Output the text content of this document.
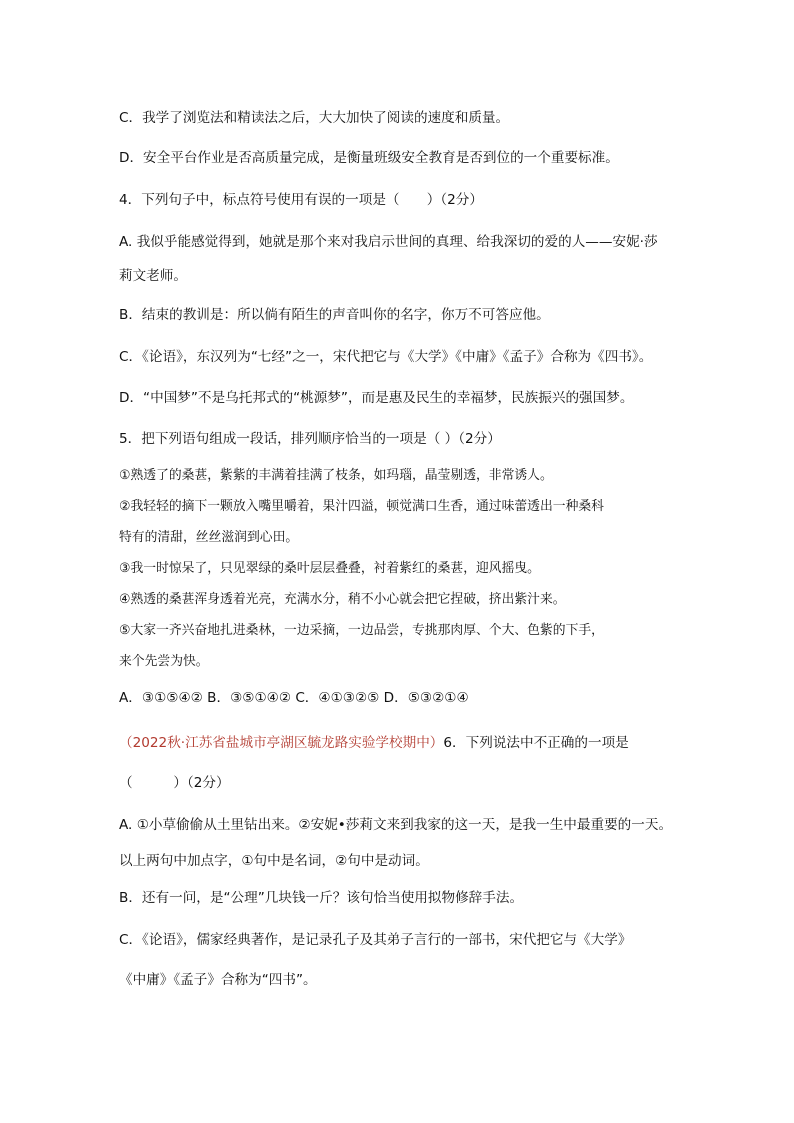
C．我学了浏览法和精读法之后，大大加快了阅读的速度和质量。
D．安全平台作业是否高质量完成，是衡量班级安全教育是否到位的一个重要标准。
4．下列句子中，标点符号使用有误的一项是（　　）（2分）
A. 我似乎能感觉得到，她就是那个来对我启示世间的真理、给我深切的爱的人——安妮·莎
莉文老师。
B．结束的教训是：所以倘有陌生的声音叫你的名字，你万不可答应他。
C．《论语》，东汉列为“七经”之一，宋代把它与《大学》《中庸》《孟子》合称为《四书》。
D．“中国梦”不是乌托邦式的“桃源梦”，而是惠及民生的幸福梦，民族振兴的强国梦。
5．把下列语句组成一段话，排列顺序恰当的一项是（ ）（2分）
①熟透了的桑葚，紫紫的丰满着挂满了枝条，如玛瑙，晶莹剔透，非常诱人。
②我轻轻的摘下一颗放入嘴里嚼着，果汁四溢，顿觉满口生香，通过味蕾透出一种桑科
特有的清甜，丝丝滋润到心田。
③我一时惊呆了，只见翠绿的桑叶层层叠叠，衬着紫红的桑葚，迎风摇曳。
④熟透的桑葚浑身透着光亮，充满水分，稍不小心就会把它捏破，挤出紫汁来。
⑤大家一齐兴奋地扎进桑林，一边采摘，一边品尝，专挑那肉厚、个大、色紫的下手，
来个先尝为快。
A．③①⑤④② B．③⑤①④② C．④①③②⑤ D．⑤③②①④
（2022秋·江苏省盐城市亭湖区毓龙路实验学校期中）6．下列说法中不正确的一项是
（　　　）（2分）
A. ①小草偷偷从土里钻出来。②安妮•莎莉文来到我家的这一天，是我一生中最重要的一天。
以上两句中加点字，①句中是名词，②句中是动词。
B．还有一问，是“公理”几块钱一斤？该句恰当使用拟物修辞手法。
C．《论语》，儒家经典著作，是记录孔子及其弟子言行的一部书，宋代把它与《大学》
《中庸》《孟子》合称为“四书”。
